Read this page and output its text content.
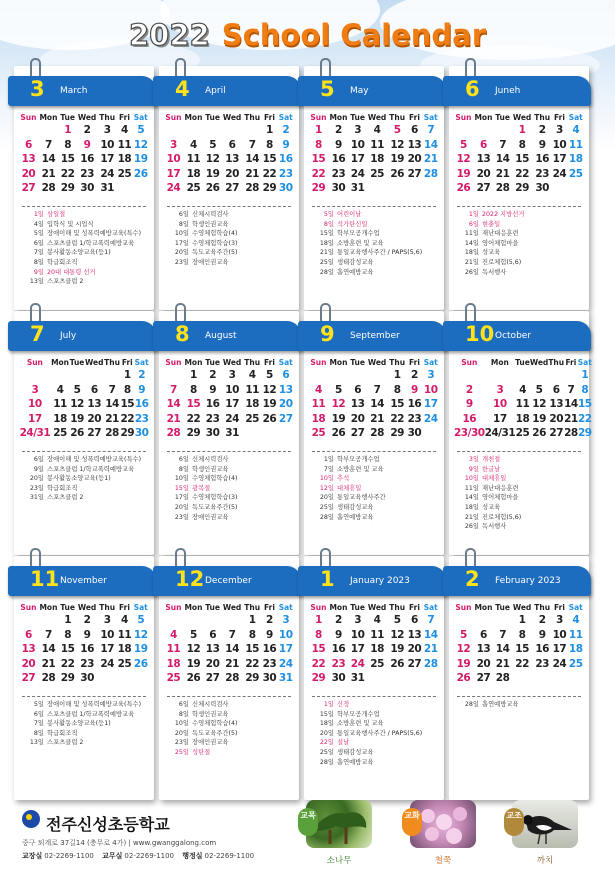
2022 School Calendar
3 March
Sun	Mon	Tue	Wed	Thu	Fri	Sat
		1	2	3	4	5
6	7	8	9	10	11	12
13	14	15	16	17	18	19
20	21	22	23	24	25	26
27	28	29	30	31		
1일 삼일절
4일 입학식 및 시업식
5일 장애이해 및 성폭력예방교육(특수)
6일 스포츠클럽 1/학교폭력예방교육
7일 봉사활동소양교육(등1)
8일 학급회조직
9일 20대 대통령 선거
13일 스포츠클럽 2
4 April
Sun	Mon	Tue	Wed	Thu	Fri	Sat
					1	2
3	4	5	6	7	8	9
10	11	12	13	14	15	16
17	18	19	20	21	22	23
24	25	26	27	28	29	30
6일 신체시력검사
8일 학생인권교육
10일 수영체험학습(4)
17일 수영체험학습(3)
20일 독도교육주간(5)
23일 장애인권교육
5 May
Sun	Mon	Tue	Wed	Thu	Fri	Sat
1	2	3	4	5	6	7
8	9	10	11	12	13	14
15	16	17	18	19	20	21
22	23	24	25	26	27	28
29	30	31				
5일 어린이날
8일 석가탄신일
15일 학부모공개수업
18일 소방훈련 및 교육
21일 통일교육행사주간 / PAPS(5,6)
25일 생태감성교육
28일 흡연예방교육
6 Juneh
Sun	Mon	Tue	Wed	Thu	Fri	Sat
			1	2	3	4
5	6	7	8	9	10	11
12	13	14	15	16	17	18
19	20	21	22	23	24	25
26	27	28	29	30		
1일 2022 지방선거
6일 현충일
11일 재난대응훈련
14일 영어체험마을
18일 성교육
21일 진로체험(5,6)
26일 독서행사
7 July
Sun	Mon	Tue	Wed	Thu	Fri	Sat
					1	2
3	4	5	6	7	8	9
10	11	12	13	14	15	16
17	18	19	20	21	22	23
24/31	25	26	27	28	29	30
6일 장애이해 및 성폭력예방교육(특수)
9일 스포츠클럽 1/학교폭력예방교육
20일 봉사활동소양교육(등1)
23일 학급회조직
31일 스포츠클럽 2
8 August
Sun	Mon	Tue	Wed	Thu	Fri	Sat
	1	2	3	4	5	6
7	8	9	10	11	12	13
14	15	16	17	18	19	20
21	22	23	24	25	26	27
28	29	30	31			
6일 신체시력검사
8일 학생인권교육
10일 수영체험학습(4)
15일 광복절
17일 수영체험학습(3)
20일 독도교육주간(5)
23일 장애인권교육
9 September
Sun	Mon	Tue	Wed	Thu	Fri	Sat
				1	2	3
4	5	6	7	8	9	10
11	12	13	14	15	16	17
18	19	20	21	22	23	24
25	26	27	28	29	30	
1일 학부모공개수업
7일 소방훈련 및 교육
10일 추석
12일 대체휴일
20일 통일교육행사주간
25일 생태감성교육
28일 흡연예방교육
10 October
Sun	Mon	Tue	Wed	Thu	Fri	Sat
						1
2	3	4	5	6	7	8
9	10	11	12	13	14	15
16	17	18	19	20	21	22
23/30	24/31	25	26	27	28	29
3일 개천절
9일 한글날
10일 대체휴일
11일 재난대응훈련
14일 영어체험마을
18일 성교육
21일 진로체험(5,6)
26일 독서행사
11 November
Sun	Mon	Tue	Wed	Thu	Fri	Sat
		1	2	3	4	5
6	7	8	9	10	11	12
13	14	15	16	17	18	19
20	21	22	23	24	25	26
27	28	29	30			
5일 장애이해 및 성폭력예방교육(특수)
6일 스포츠클럽 1/학교폭력예방교육
7일 봉사활동소양교육(등1)
8일 학급회조직
13일 스포츠클럽 2
12 December
Sun	Mon	Tue	Wed	Thu	Fri	Sat
				1	2	3
4	5	6	7	8	9	10
11	12	13	14	15	16	17
18	19	20	21	22	23	24
25	26	27	28	29	30	31
6일 신체시력검사
8일 학생인권교육
10일 수영체험학습(4)
20일 독도교육주간(5)
23일 장애인권교육
25일 성탄절
1 January 2023
Sun	Mon	Tue	Wed	Thu	Fri	Sat
1	2	3	4	5	6	7
8	9	10	11	12	13	14
15	16	17	18	19	20	21
22	23	24	25	26	27	28
29	30	31				
1일 신정
15일 학부모공개수업
18일 소방훈련 및 교육
20일 통일교육행사주간 / PAPS(5,6)
22일 설날
25일 생태감성교육
28일 흡연예방교육
2 February 2023
Sun	Mon	Tue	Wed	Thu	Fri	Sat
			1	2	3	4
5	6	7	8	9	10	11
12	13	14	15	16	17	18
19	20	21	22	23	24	25
26	27	28				
28일 흡연예방교육
전주신성초등학교
중구 퇴계로 37길14 (충무로 4가) | www.gwanggalong.com
교장실 02-2269-1100 교무실 02-2269-1100 행정실 02-2269-1100
교목
소나무
교화
철쭉
교조
까치
